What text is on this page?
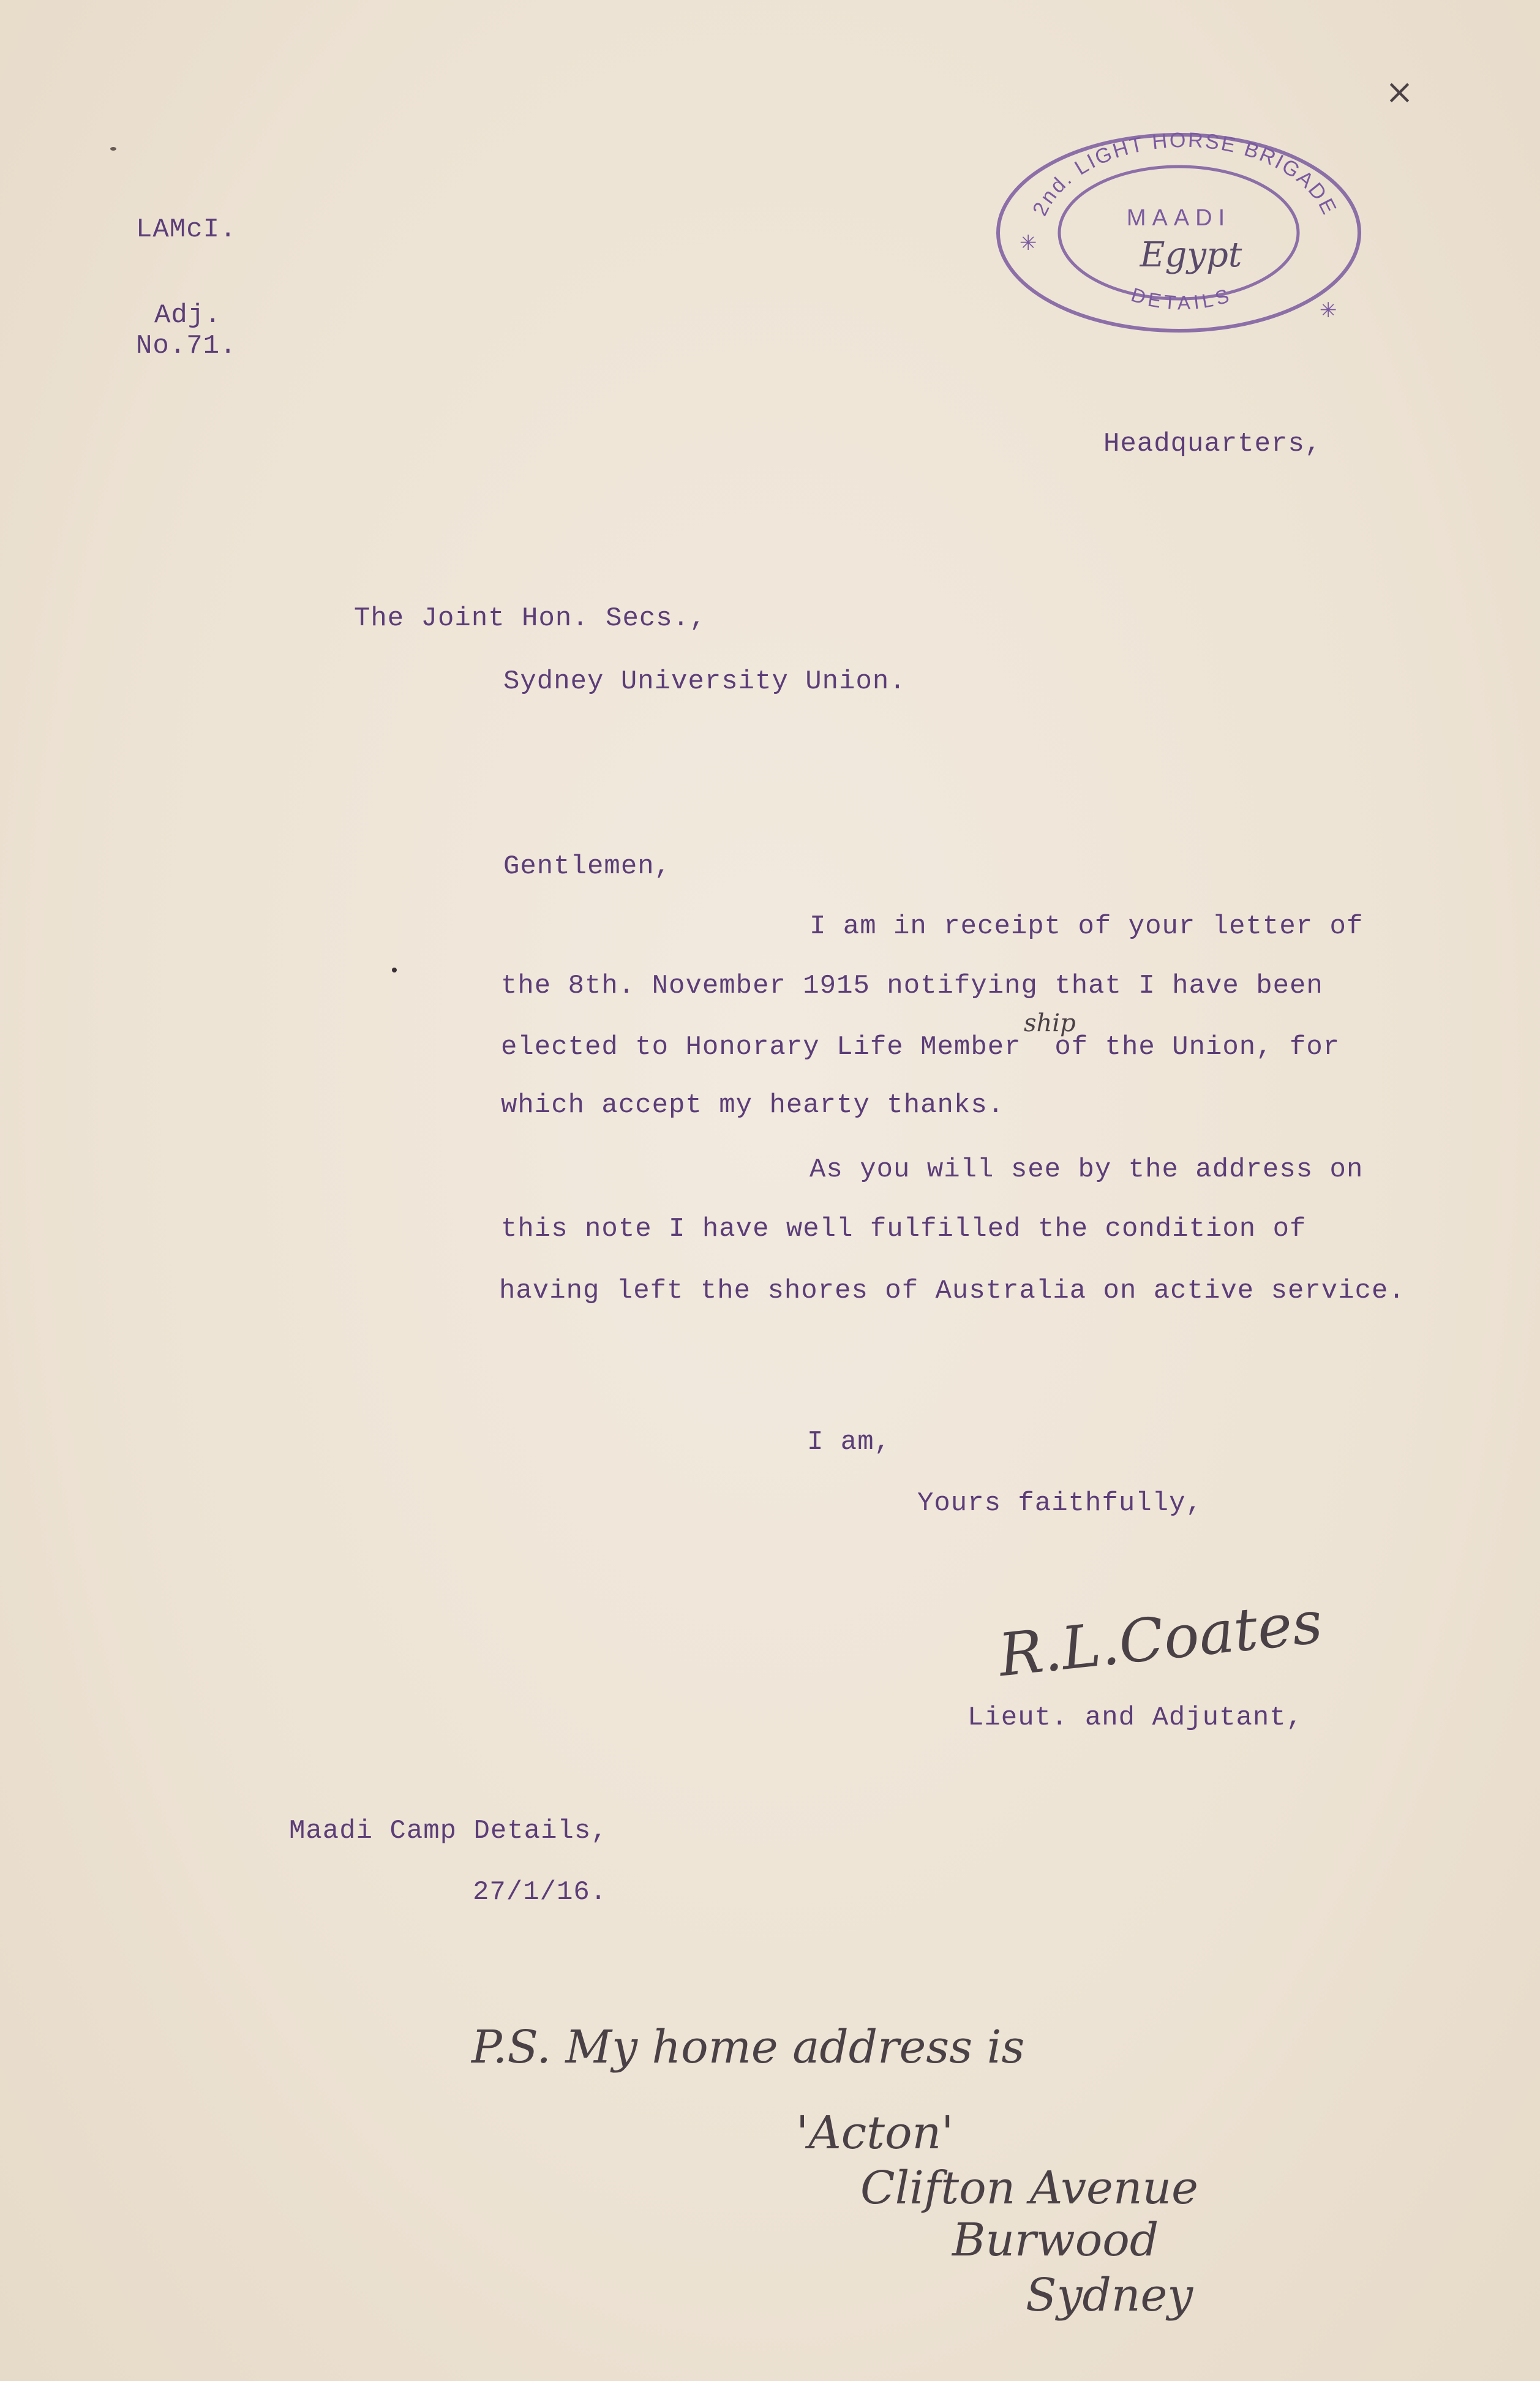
LAMcI.
Adj.
No.71.
×
2nd. LIGHT HORSE BRIGADE
MAADI
Egypt
DETAILS
✳
✳
Headquarters,
The Joint Hon. Secs.,
Sydney University Union.
Gentlemen,
I am in receipt of your letter of
the 8th. November 1915 notifying that I have been
elected to Honorary Life Member  of the Union, for
ship
which accept my hearty thanks.
As you will see by the address on
this note I have well fulfilled the condition of
having left the shores of Australia on active service.
I am,
Yours faithfully,
R.L.Coates
Lieut. and Adjutant,
Maadi Camp Details,
27/1/16.
P.S. My home address is
'Acton'
Clifton Avenue
Burwood
Sydney
